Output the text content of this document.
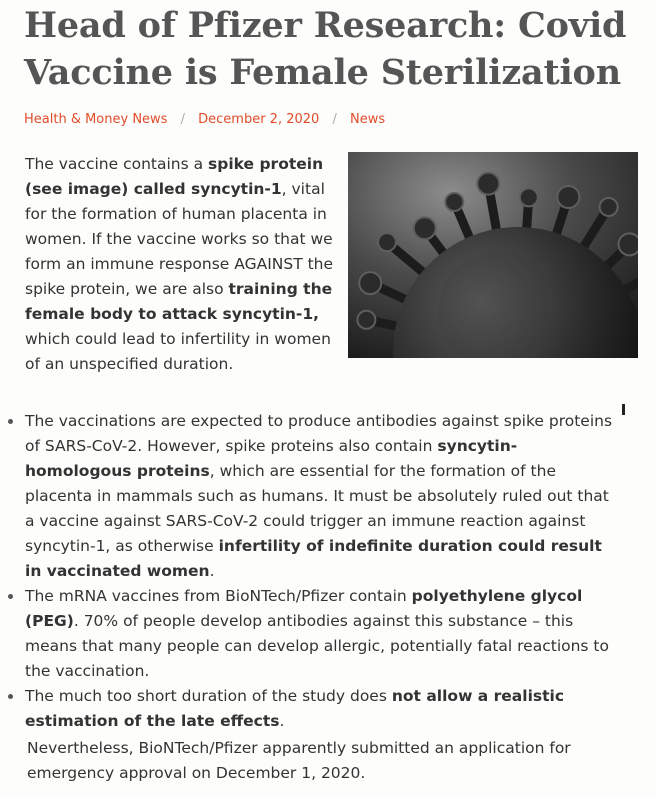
Head of Pfizer Research: Covid Vaccine is Female Sterilization
Health & Money News / December 2, 2020 / News

The vaccine contains a spike protein (see image) called syncytin-1, vital for the formation of human placenta in women. If the vaccine works so that we form an immune response AGAINST the spike protein, we are also training the female body to attack syncytin-1, which could lead to infertility in women of an unspecified duration.

The vaccinations are expected to produce antibodies against spike proteins of SARS-CoV-2. However, spike proteins also contain syncytin-homologous proteins, which are essential for the formation of the placenta in mammals such as humans. It must be absolutely ruled out that a vaccine against SARS-CoV-2 could trigger an immune reaction against syncytin-1, as otherwise infertility of indefinite duration could result in vaccinated women.
The mRNA vaccines from BioNTech/Pfizer contain polyethylene glycol (PEG). 70% of people develop antibodies against this substance – this means that many people can develop allergic, potentially fatal reactions to the vaccination.
The much too short duration of the study does not allow a realistic estimation of the late effects.

Nevertheless, BioNTech/Pfizer apparently submitted an application for emergency approval on December 1, 2020.
